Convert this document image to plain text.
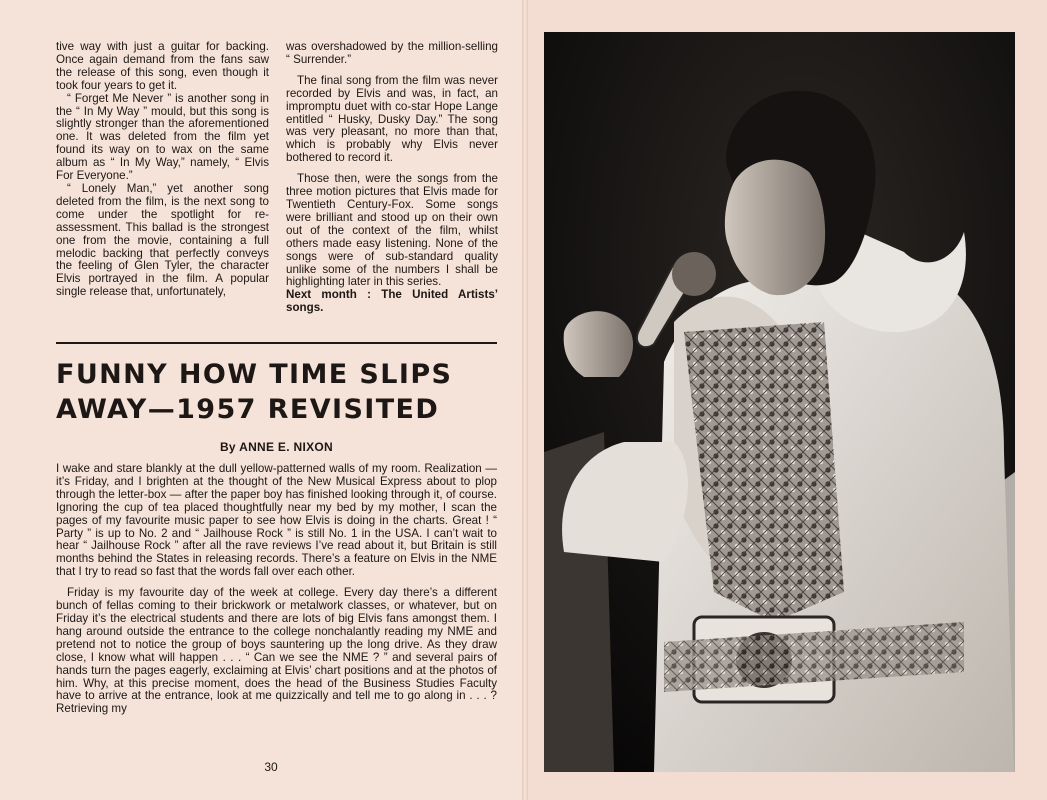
tive way with just a guitar for backing. Once again demand from the fans saw the release of this song, even though it took four years to get it.

“ Forget Me Never ” is another song in the “ In My Way ” mould, but this song is slightly stronger than the aforementioned one. It was deleted from the film yet found its way on to wax on the same album as “ In My Way,” namely, “ Elvis For Everyone.”

“ Lonely Man,” yet another song deleted from the film, is the next song to come under the spotlight for re-assessment. This ballad is the strongest one from the movie, containing a full melodic backing that perfectly conveys the feeling of Glen Tyler, the character Elvis portrayed in the film. A popular single release that, unfortunately,

was overshadowed by the million-selling “ Surrender.”

The final song from the film was never recorded by Elvis and was, in fact, an impromptu duet with co-star Hope Lange entitled “ Husky, Dusky Day.” The song was very pleasant, no more than that, which is probably why Elvis never bothered to record it.

Those then, were the songs from the three motion pictures that Elvis made for Twentieth Century-Fox. Some songs were brilliant and stood up on their own out of the context of the film, whilst others made easy listening. None of the songs were of sub-standard quality unlike some of the numbers I shall be highlighting later in this series.

Next month : The United Artists’ songs.

FUNNY HOW TIME SLIPS
AWAY—1957 REVISITED
By ANNE E. NIXON

I wake and stare blankly at the dull yellow-patterned walls of my room. Realization — it’s Friday, and I brighten at the thought of the New Musical Express about to plop through the letter-box — after the paper boy has finished looking through it, of course. Ignoring the cup of tea placed thoughtfully near my bed by my mother, I scan the pages of my favourite music paper to see how Elvis is doing in the charts. Great ! “ Party ” is up to No. 2 and “ Jailhouse Rock ” is still No. 1 in the USA. I can’t wait to hear “ Jailhouse Rock ” after all the rave reviews I’ve read about it, but Britain is still months behind the States in releasing records. There’s a feature on Elvis in the NME that I try to read so fast that the words fall over each other.

Friday is my favourite day of the week at college. Every day there’s a different bunch of fellas coming to their brickwork or metalwork classes, or whatever, but on Friday it’s the electrical students and there are lots of big Elvis fans amongst them. I hang around outside the entrance to the college nonchalantly reading my NME and pretend not to notice the group of boys sauntering up the long drive. As they draw close, I know what will happen . . . “ Can we see the NME ? ” and several pairs of hands turn the pages eagerly, exclaiming at Elvis’ chart positions and at the photos of him. Why, at this precise moment, does the head of the Business Studies Faculty have to arrive at the entrance, look at me quizzically and tell me to go along in . . . ? Retrieving my

30
